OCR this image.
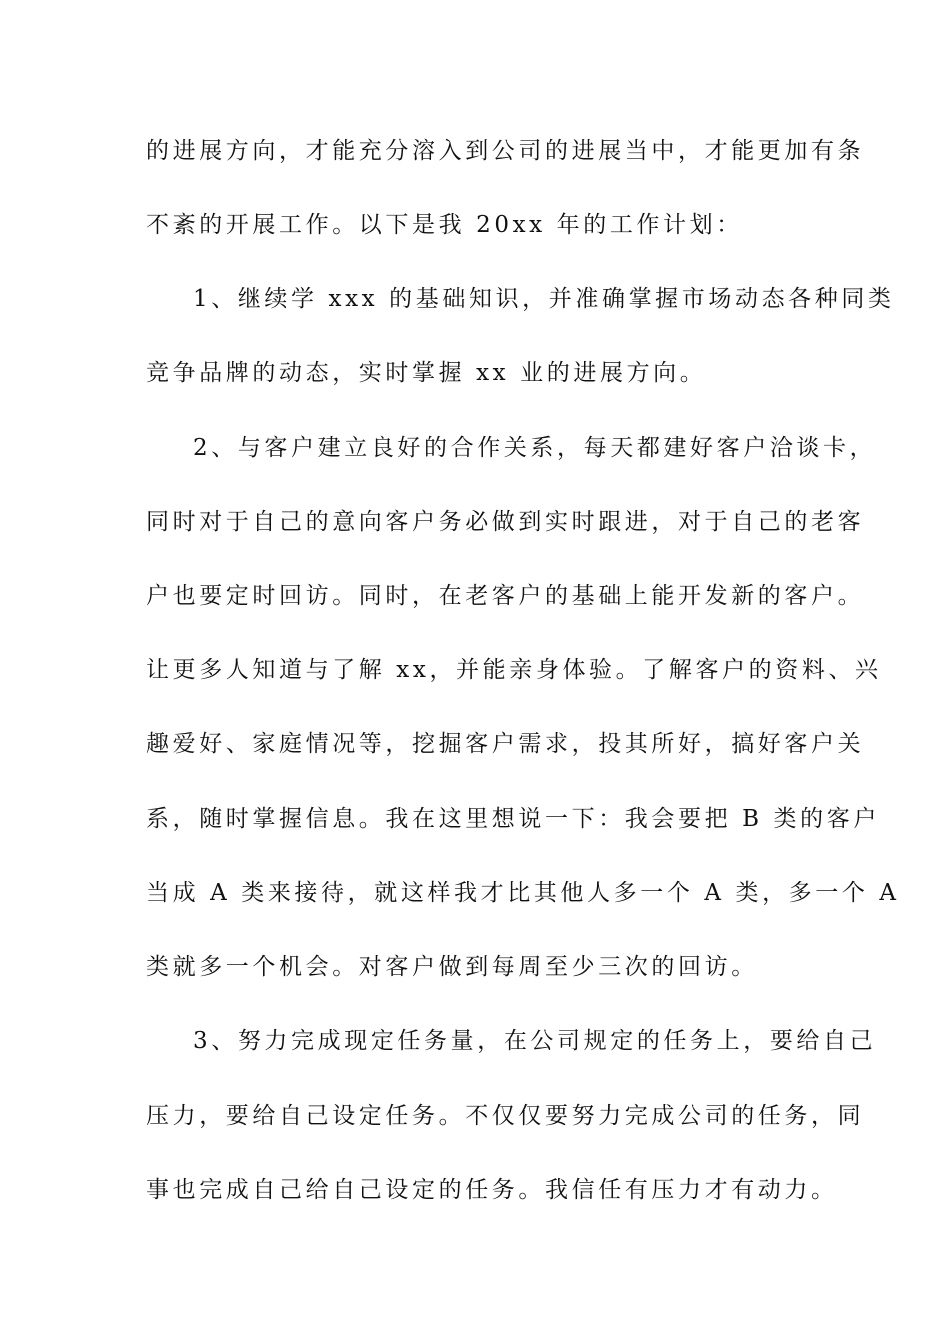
的进展方向，才能充分溶入到公司的进展当中，才能更加有条
不紊的开展工作。以下是我 20xx 年的工作计划：
1、继续学 xxx 的基础知识，并准确掌握市场动态各种同类
竞争品牌的动态，实时掌握 xx 业的进展方向。
2、与客户建立良好的合作关系，每天都建好客户洽谈卡，
同时对于自己的意向客户务必做到实时跟进，对于自己的老客
户也要定时回访。同时，在老客户的基础上能开发新的客户。
让更多人知道与了解 xx，并能亲身体验。了解客户的资料、兴
趣爱好、家庭情况等，挖掘客户需求，投其所好，搞好客户关
系，随时掌握信息。我在这里想说一下：我会要把 B 类的客户
当成 A 类来接待，就这样我才比其他人多一个 A 类，多一个 A
类就多一个机会。对客户做到每周至少三次的回访。
3、努力完成现定任务量，在公司规定的任务上，要给自己
压力，要给自己设定任务。不仅仅要努力完成公司的任务，同
事也完成自己给自己设定的任务。我信任有压力才有动力。
